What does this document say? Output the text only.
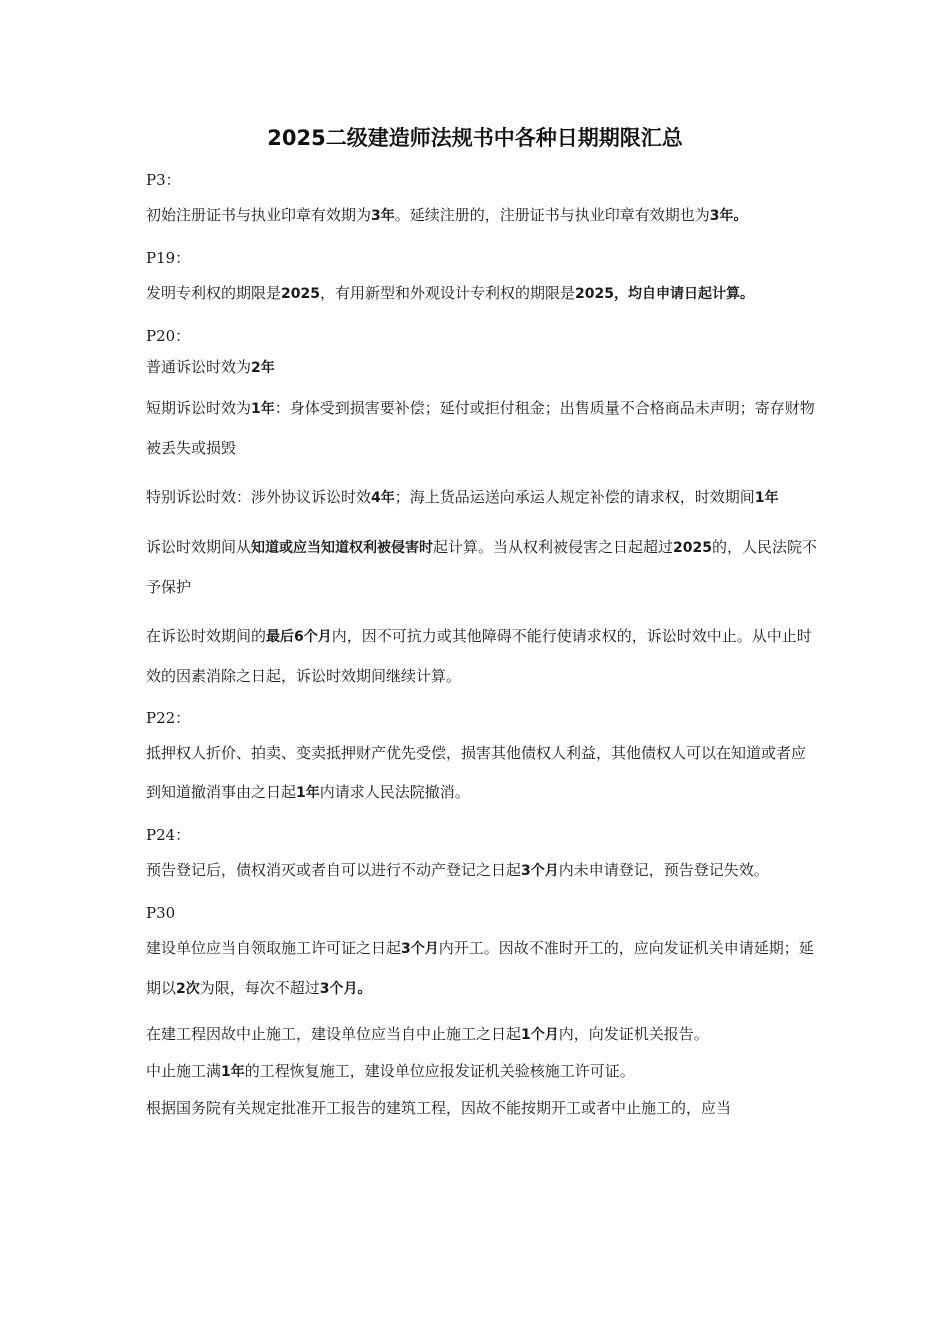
2025二级建造师法规书中各种日期期限汇总

P3：

初始注册证书与执业印章有效期为3年。延续注册的，注册证书与执业印章有效期也为3年。

P19：

发明专利权的期限是2025，有用新型和外观设计专利权的期限是2025，均自申请日起计算。

P20：

普通诉讼时效为2年

短期诉讼时效为1年：身体受到损害要补偿；延付或拒付租金；出售质量不合格商品未声明；寄存财物被丢失或损毁

特别诉讼时效：涉外协议诉讼时效4年；海上货品运送向承运人规定补偿的请求权，时效期间1年

诉讼时效期间从知道或应当知道权利被侵害时起计算。当从权利被侵害之日起超过2025的，人民法院不予保护

在诉讼时效期间的最后6个月内，因不可抗力或其他障碍不能行使请求权的，诉讼时效中止。从中止时效的因素消除之日起，诉讼时效期间继续计算。

P22：

抵押权人折价、拍卖、变卖抵押财产优先受偿，损害其他债权人利益，其他债权人可以在知道或者应到知道撤消事由之日起1年内请求人民法院撤消。

P24：

预告登记后，债权消灭或者自可以进行不动产登记之日起3个月内未申请登记，预告登记失效。

P30

建设单位应当自领取施工许可证之日起3个月内开工。因故不准时开工的，应向发证机关申请延期；延期以2次为限，每次不超过3个月。

在建工程因故中止施工，建设单位应当自中止施工之日起1个月内，向发证机关报告。

中止施工满1年的工程恢复施工，建设单位应报发证机关验核施工许可证。

根据国务院有关规定批准开工报告的建筑工程，因故不能按期开工或者中止施工的，应当
